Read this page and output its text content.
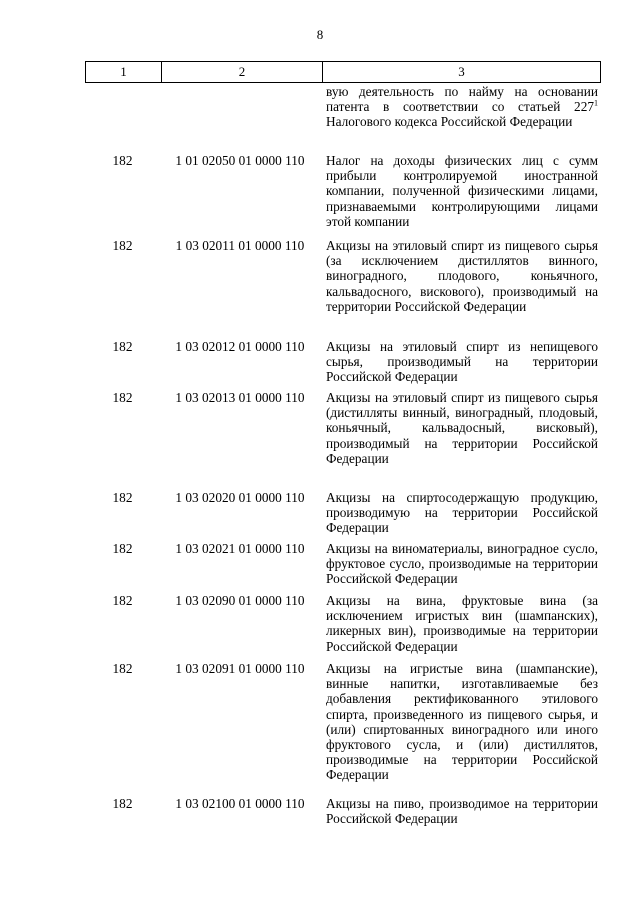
8
1	2	3
вую деятельность по найму на основании патента в соответствии со статьей $227^1$ Налогового кодекса Российской Федерации
182	1 01 02050 01 0000 110	Налог на доходы физических лиц с сумм прибыли контролируемой иностранной компании, полученной физическими лицами, признаваемыми контролирующими лицами этой компании
182	1 03 02011 01 0000 110	Акцизы на этиловый спирт из пищевого сырья (за исключением дистиллятов винного, виноградного, плодового, коньячного, кальвадосного, вискового), производимый на территории Российской Федерации
182	1 03 02012 01 0000 110	Акцизы на этиловый спирт из непищевого сырья, производимый на территории Российской Федерации
182	1 03 02013 01 0000 110	Акцизы на этиловый спирт из пищевого сырья (дистилляты винный, виноградный, плодовый, коньячный, кальвадосный, висковый), производимый на территории Российской Федерации
182	1 03 02020 01 0000 110	Акцизы на спиртосодержащую продукцию, производимую на территории Российской Федерации
182	1 03 02021 01 0000 110	Акцизы на виноматериалы, виноградное сусло, фруктовое сусло, производимые на территории Российской Федерации
182	1 03 02090 01 0000 110	Акцизы на вина, фруктовые вина (за исключением игристых вин (шампанских), ликерных вин), производимые на территории Российской Федерации
182	1 03 02091 01 0000 110	Акцизы на игристые вина (шампанские), винные напитки, изготавливаемые без добавления ректификованного этилового спирта, произведенного из пищевого сырья, и (или) спиртованных виноградного или иного фруктового сусла, и (или) дистиллятов, производимые на территории Российской Федерации
182	1 03 02100 01 0000 110	Акцизы на пиво, производимое на территории Российской Федерации
